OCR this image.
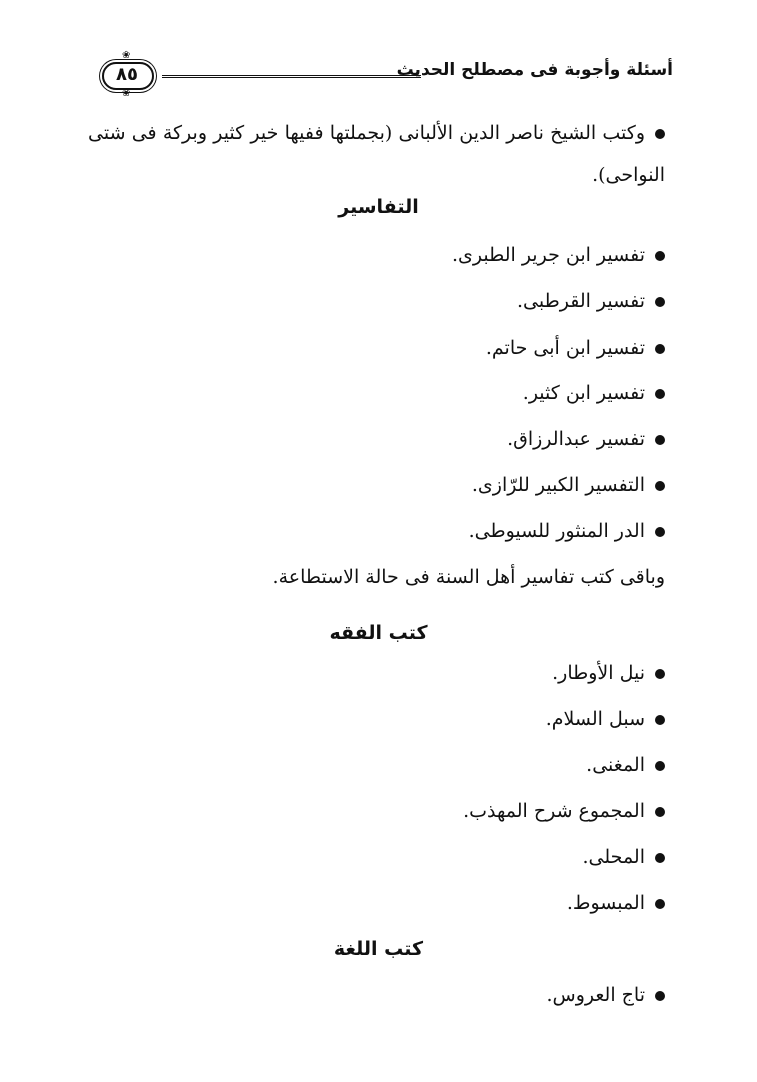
أسئلة وأجوبة فى مصطلح الحديث
❀
❀
٨٥
وكتب الشيخ ناصر الدين الألبانى (بجملتها ففيها خير كثير وبركة فى شتى النواحى).
التفاسير
تفسير ابن جرير الطبرى.
تفسير القرطبى.
تفسير ابن أبى حاتم.
تفسير ابن كثير.
تفسير عبدالرزاق.
التفسير الكبير للرّازى.
الدر المنثور للسيوطى.
وباقى كتب تفاسير أهل السنة فى حالة الاستطاعة.
كتب الفقه
نيل الأوطار.
سبل السلام.
المغنى.
المجموع شرح المهذب.
المحلى.
المبسوط.
كتب اللغة
تاج العروس.
